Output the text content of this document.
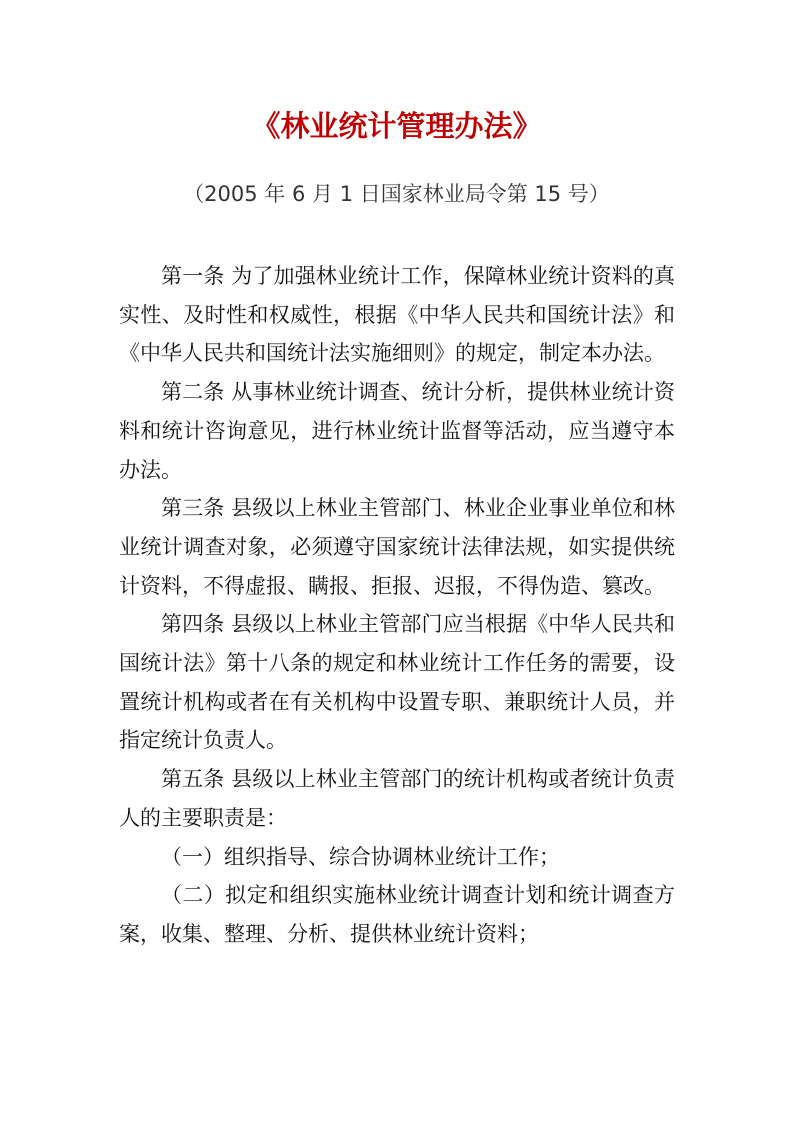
《林业统计管理办法》

（2005 年 6 月 1 日国家林业局令第 15 号）

第一条 为了加强林业统计工作，保障林业统计资料的真实性、及时性和权威性，根据《中华人民共和国统计法》和《中华人民共和国统计法实施细则》的规定，制定本办法。

第二条 从事林业统计调查、统计分析，提供林业统计资料和统计咨询意见，进行林业统计监督等活动，应当遵守本办法。

第三条 县级以上林业主管部门、林业企业事业单位和林业统计调查对象，必须遵守国家统计法律法规，如实提供统计资料，不得虚报、瞒报、拒报、迟报，不得伪造、篡改。

第四条 县级以上林业主管部门应当根据《中华人民共和国统计法》第十八条的规定和林业统计工作任务的需要，设置统计机构或者在有关机构中设置专职、兼职统计人员，并指定统计负责人。

第五条 县级以上林业主管部门的统计机构或者统计负责人的主要职责是：

（一）组织指导、综合协调林业统计工作；

（二）拟定和组织实施林业统计调查计划和统计调查方案，收集、整理、分析、提供林业统计资料；
